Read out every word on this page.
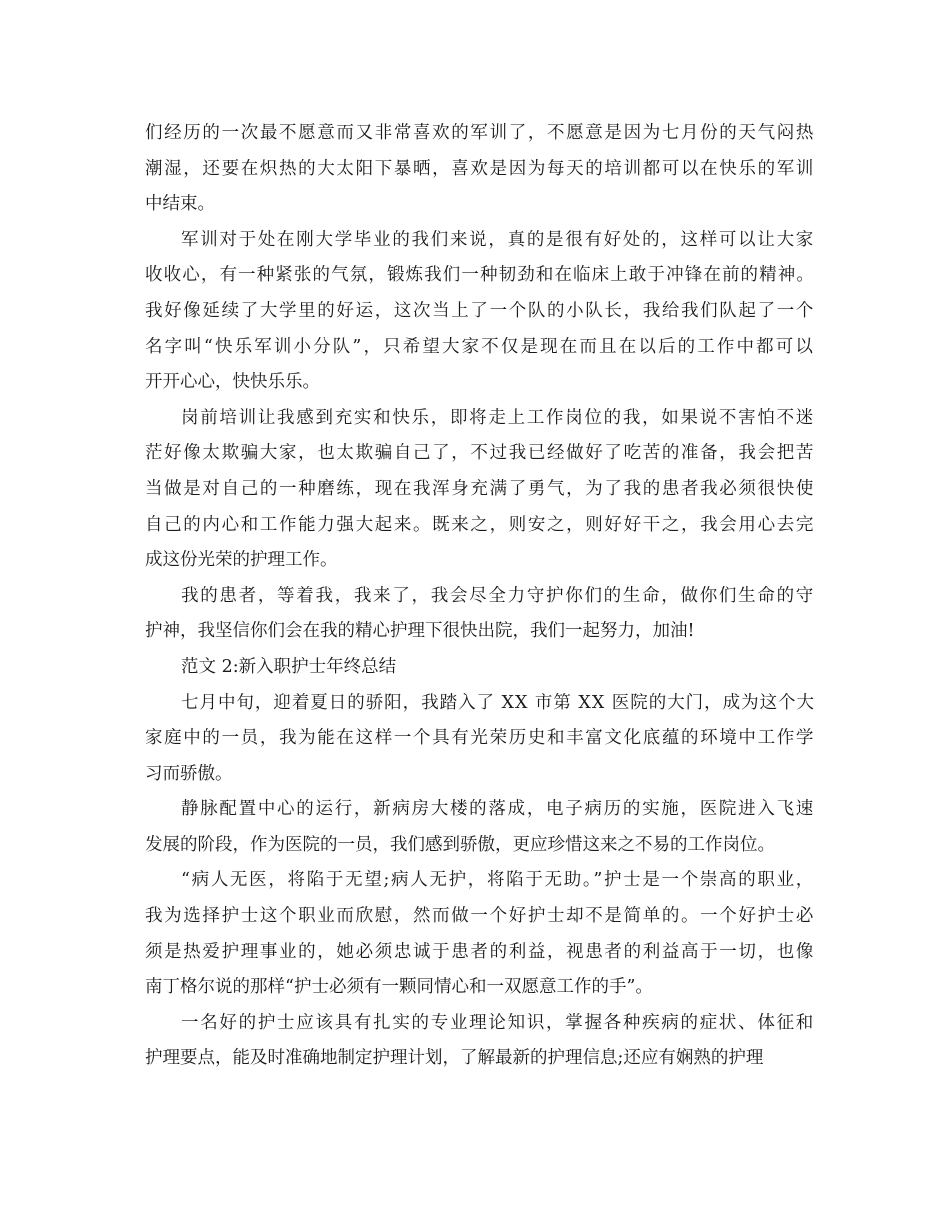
们经历的一次最不愿意而又非常喜欢的军训了，不愿意是因为七月份的天气闷热
潮湿，还要在炽热的大太阳下暴晒，喜欢是因为每天的培训都可以在快乐的军训
中结束。
军训对于处在刚大学毕业的我们来说，真的是很有好处的，这样可以让大家
收收心，有一种紧张的气氛，锻炼我们一种韧劲和在临床上敢于冲锋在前的精神。
我好像延续了大学里的好运，这次当上了一个队的小队长，我给我们队起了一个
名字叫“快乐军训小分队”，只希望大家不仅是现在而且在以后的工作中都可以
开开心心，快快乐乐。
岗前培训让我感到充实和快乐，即将走上工作岗位的我，如果说不害怕不迷
茫好像太欺骗大家，也太欺骗自己了，不过我已经做好了吃苦的准备，我会把苦
当做是对自己的一种磨练，现在我浑身充满了勇气，为了我的患者我必须很快使
自己的内心和工作能力强大起来。既来之，则安之，则好好干之，我会用心去完
成这份光荣的护理工作。
我的患者，等着我，我来了，我会尽全力守护你们的生命，做你们生命的守
护神，我坚信你们会在我的精心护理下很快出院，我们一起努力，加油!
范文 2:新入职护士年终总结
七月中旬，迎着夏日的骄阳，我踏入了 XX 市第 XX 医院的大门，成为这个大
家庭中的一员，我为能在这样一个具有光荣历史和丰富文化底蕴的环境中工作学
习而骄傲。
静脉配置中心的运行，新病房大楼的落成，电子病历的实施，医院进入飞速
发展的阶段，作为医院的一员，我们感到骄傲，更应珍惜这来之不易的工作岗位。
“病人无医，将陷于无望;病人无护，将陷于无助。”护士是一个崇高的职业，
我为选择护士这个职业而欣慰，然而做一个好护士却不是简单的。一个好护士必
须是热爱护理事业的，她必须忠诚于患者的利益，视患者的利益高于一切，也像
南丁格尔说的那样“护士必须有一颗同情心和一双愿意工作的手”。
一名好的护士应该具有扎实的专业理论知识，掌握各种疾病的症状、体征和
护理要点，能及时准确地制定护理计划，了解最新的护理信息;还应有娴熟的护理
